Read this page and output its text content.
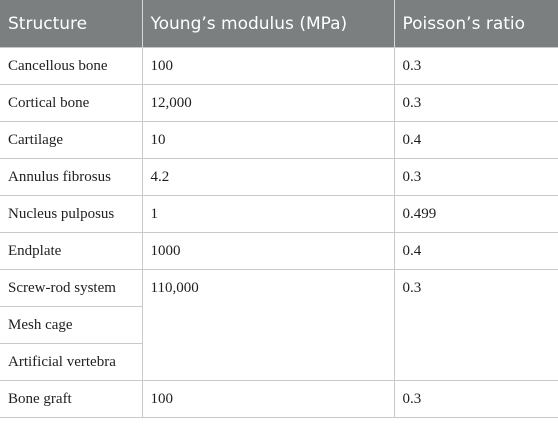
Structure	Young’s modulus (MPa)	Poisson’s ratio
Cancellous bone	100	0.3
Cortical bone	12,000	0.3
Cartilage	10	0.4
Annulus fibrosus	4.2	0.3
Nucleus pulposus	1	0.499
Endplate	1000	0.4
Screw-rod system	110,000	0.3
Mesh cage		
Artificial vertebra		
Bone graft	100	0.3
